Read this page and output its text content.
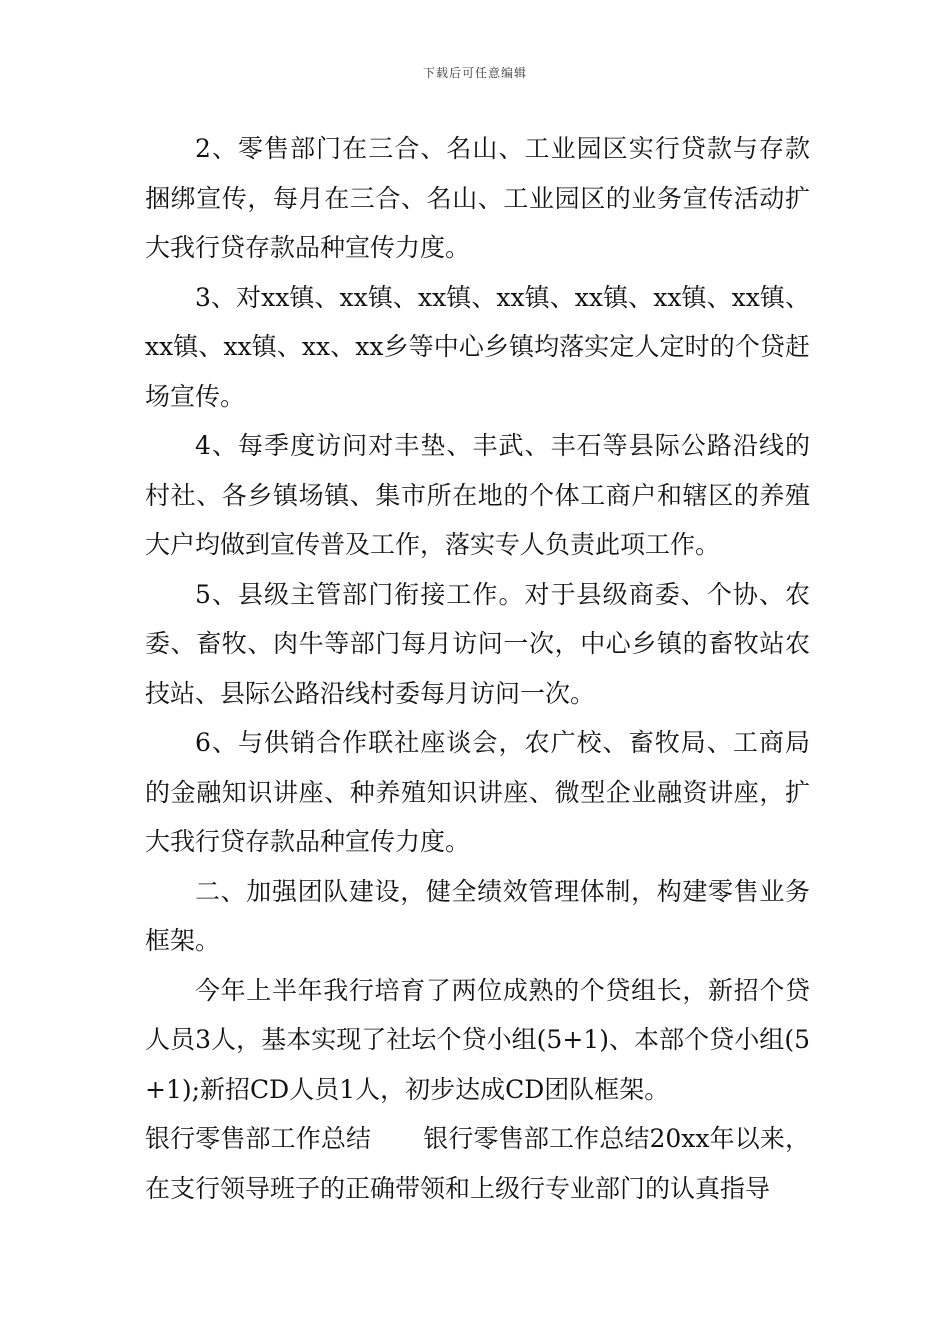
下载后可任意编辑

2、零售部门在三合、名山、工业园区实行贷款与存款捆绑宣传，每月在三合、名山、工业园区的业务宣传活动扩大我行贷存款品种宣传力度。

3、对xx镇、xx镇、xx镇、xx镇、xx镇、xx镇、xx镇、xx镇、xx镇、xx、xx乡等中心乡镇均落实定人定时的个贷赶场宣传。

4、每季度访问对丰垫、丰武、丰石等县际公路沿线的村社、各乡镇场镇、集市所在地的个体工商户和辖区的养殖大户均做到宣传普及工作，落实专人负责此项工作。

5、县级主管部门衔接工作。对于县级商委、个协、农委、畜牧、肉牛等部门每月访问一次，中心乡镇的畜牧站农技站、县际公路沿线村委每月访问一次。

6、与供销合作联社座谈会，农广校、畜牧局、工商局的金融知识讲座、种养殖知识讲座、微型企业融资讲座，扩大我行贷存款品种宣传力度。

二、加强团队建设，健全绩效管理体制，构建零售业务框架。

今年上半年我行培育了两位成熟的个贷组长，新招个贷人员3人，基本实现了社坛个贷小组(5+1)、本部个贷小组(5+1);新招CD人员1人，初步达成CD团队框架。

银行零售部工作总结 银行零售部工作总结20xx年以来，在支行领导班子的正确带领和上级行专业部门的认真指导
